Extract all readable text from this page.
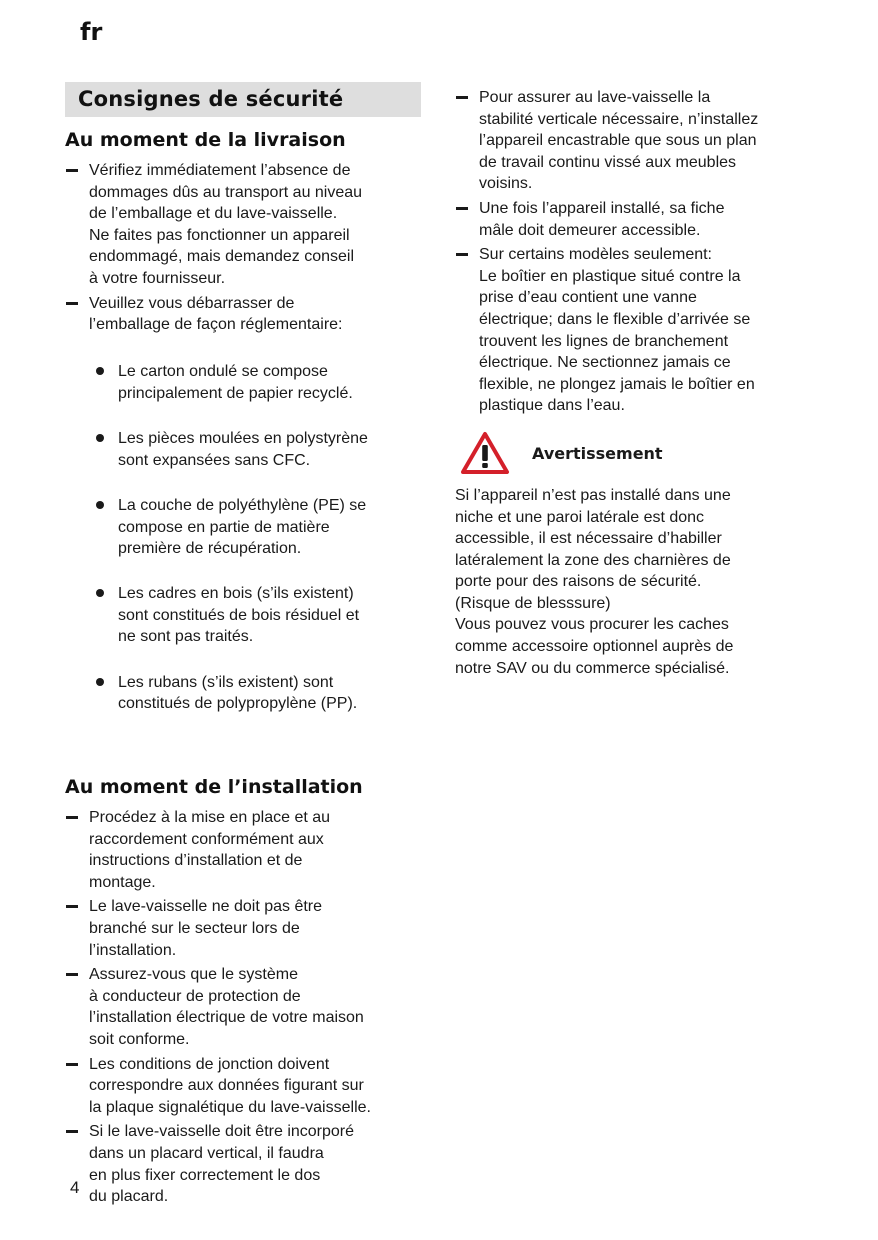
fr
Consignes de sécurité
Au moment de la livraison
Vérifiez immédiatement l’absence de
dommages dûs au transport au niveau
de l’emballage et du lave-vaisselle.
Ne faites pas fonctionner un appareil
endommagé, mais demandez conseil
à votre fournisseur.
Veuillez vous débarrasser de
l’emballage de façon réglementaire:

Le carton ondulé se compose
principalement de papier recyclé.

Les pièces moulées en polystyrène
sont expansées sans CFC.

La couche de polyéthylène (PE) se
compose en partie de matière
première de récupération.

Les cadres en bois (s’ils existent)
sont constitués de bois résiduel et
ne sont pas traités.

Les rubans (s’ils existent) sont
constitués de polypropylène (PP).

Au moment de l’installation
Procédez à la mise en place et au
raccordement conformément aux
instructions d’installation et de
montage.
Le lave-vaisselle ne doit pas être
branché sur le secteur lors de
l’installation.
Assurez-vous que le système
à conducteur de protection de
l’installation électrique de votre maison
soit conforme.
Les conditions de jonction doivent
correspondre aux données figurant sur
la plaque signalétique du lave-vaisselle.
Si le lave-vaisselle doit être incorporé
dans un placard vertical, il faudra
en plus fixer correctement le dos
du placard.
Pour assurer au lave-vaisselle la
stabilité verticale nécessaire, n’installez
l’appareil encastrable que sous un plan
de travail continu vissé aux meubles
voisins.
Une fois l’appareil installé, sa fiche
mâle doit demeurer accessible.
Sur certains modèles seulement:
Le boîtier en plastique situé contre la
prise d’eau contient une vanne
électrique; dans le flexible d’arrivée se
trouvent les lignes de branchement
électrique. Ne sectionnez jamais ce
flexible, ne plongez jamais le boîtier en
plastique dans l’eau.
Avertissement

Si l’appareil n’est pas installé dans une
niche et une paroi latérale est donc
accessible, il est nécessaire d’habiller
latéralement la zone des charnières de
porte pour des raisons de sécurité.
(Risque de blesssure)
Vous pouvez vous procurer les caches
comme accessoire optionnel auprès de
notre SAV ou du commerce spécialisé.

4
